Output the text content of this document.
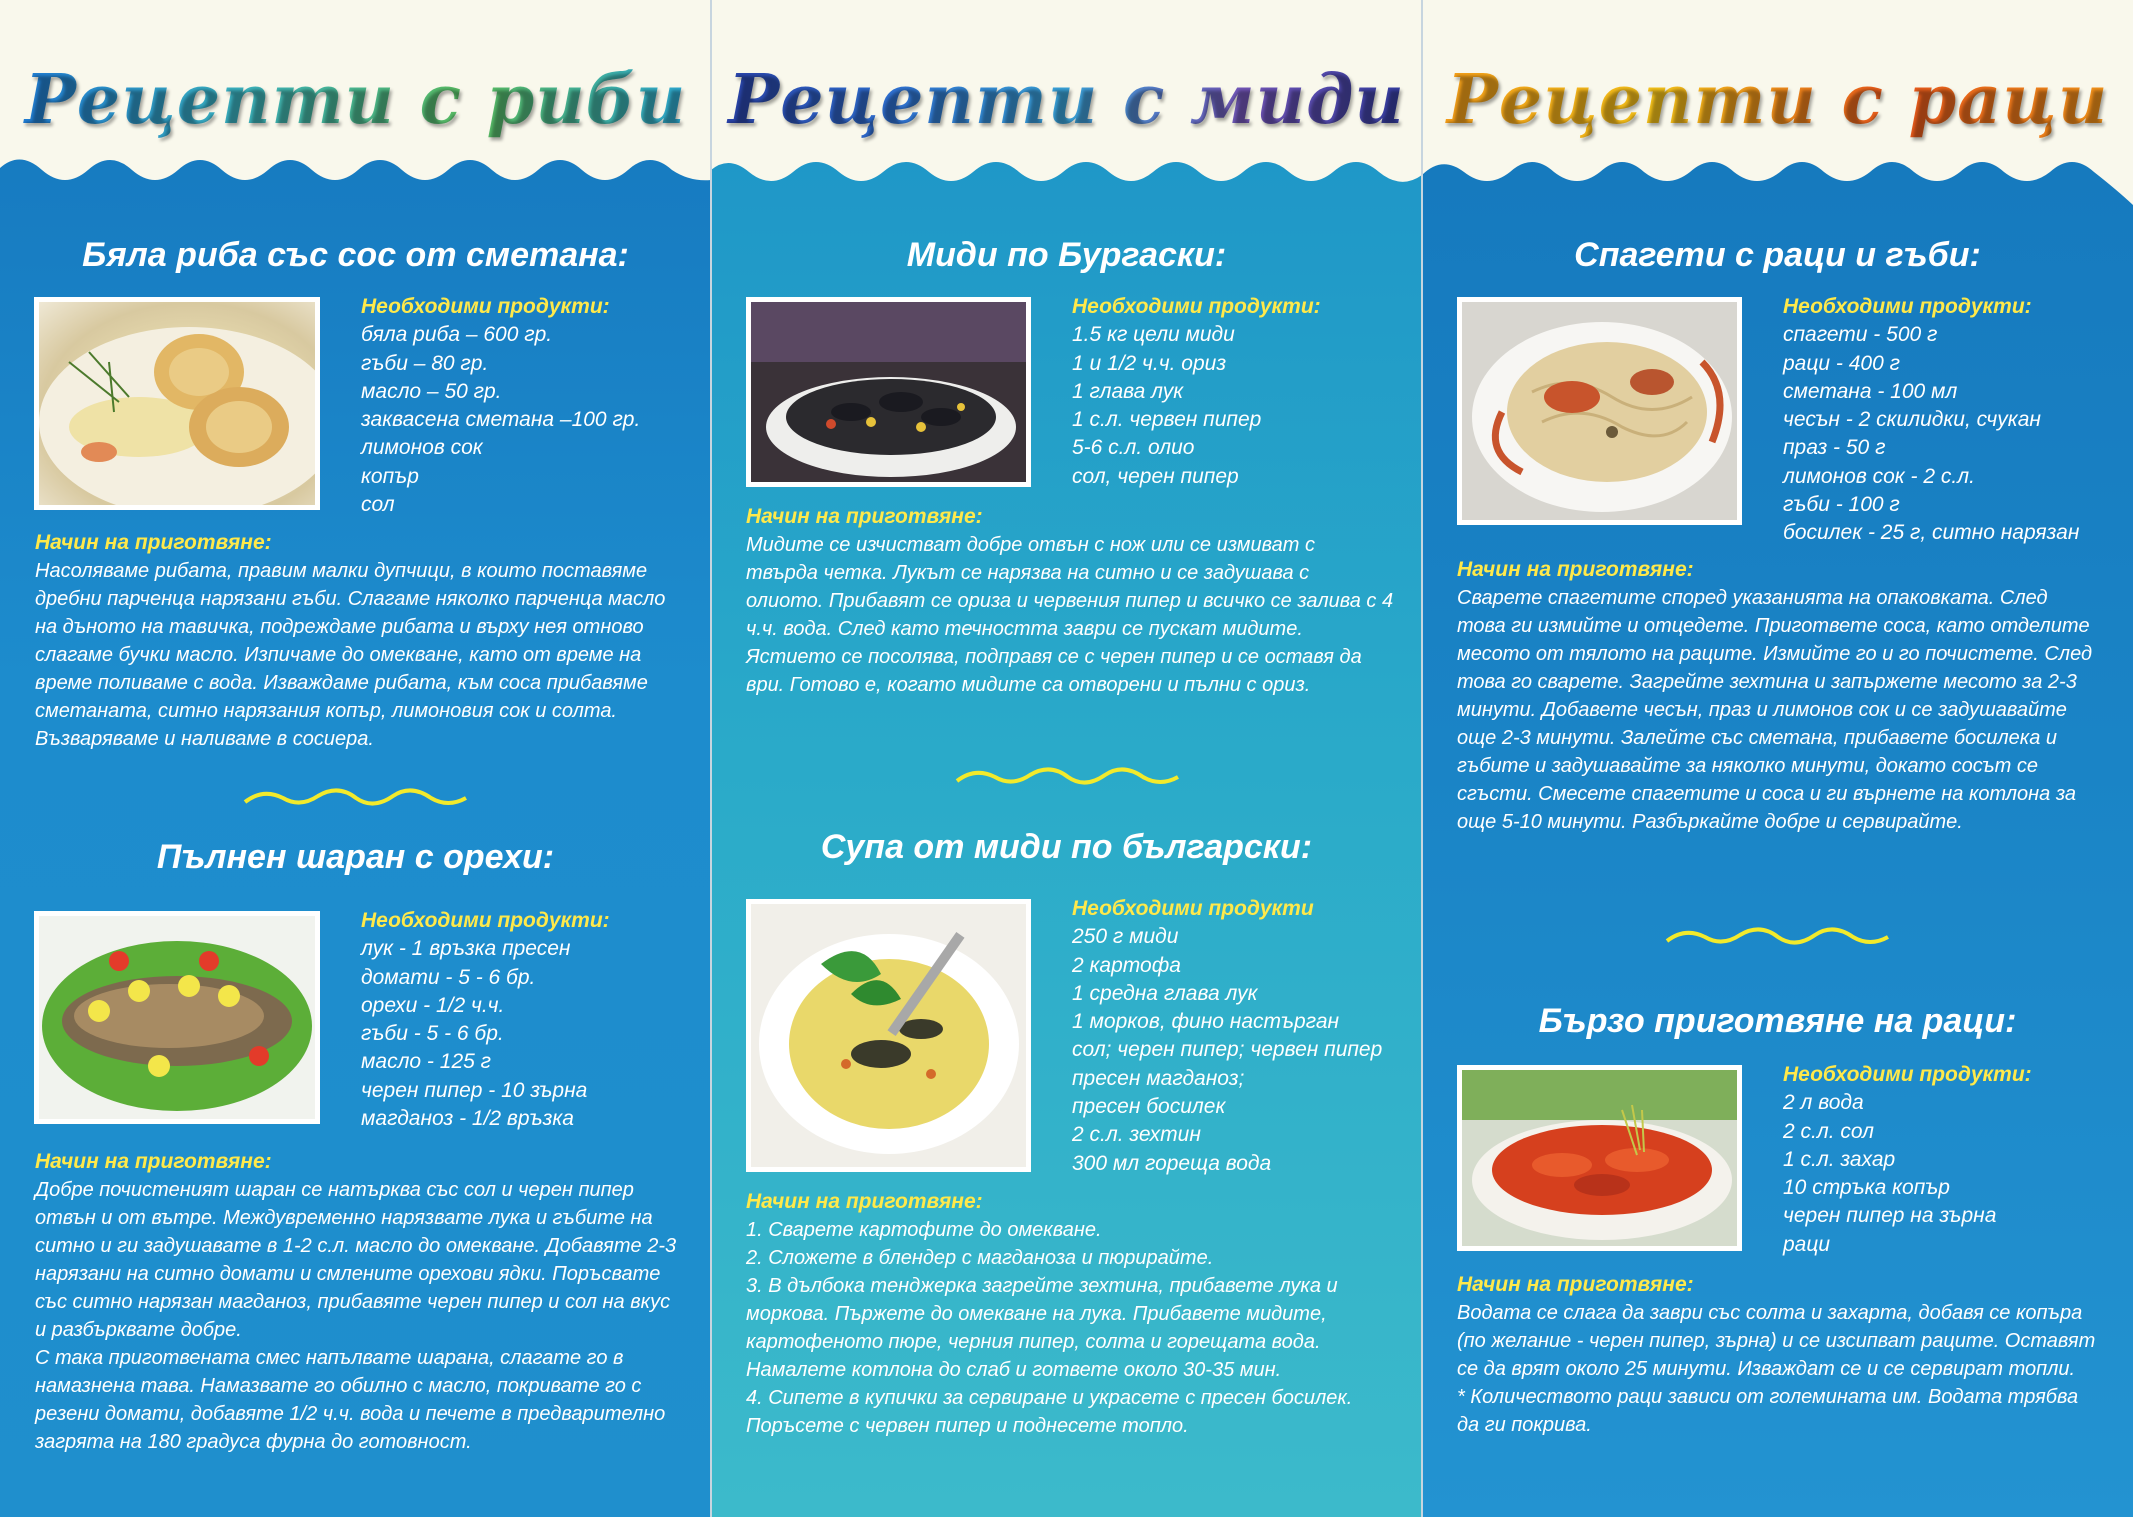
Рецепти с риби
Бяла риба със сос от сметана:
Необходими продукти:
бяла риба – 600 гр.
гъби – 80 гр.
масло – 50 гр.
заквасена сметана –100 гр.
лимонов сок
копър
сол
Начин на приготвяне:
Насоляваме рибата, правим малки дупчици, в които поставяме
дребни парченца нарязани гъби. Слагаме няколко парченца масло
на дъното на тавичка, подреждаме рибата и върху нея отново
слагаме бучки масло. Изпичаме до омекване, като от време на
време поливаме с вода. Изваждаме рибата, към соса прибавяме
сметаната, ситно нарязания копър, лимоновия сок и солта.
Възваряваме и наливаме в сосиера.
Пълнен шаран с орехи:
Необходими продукти:
лук - 1 връзка пресен
домати - 5 - 6 бр.
орехи - 1/2 ч.ч.
гъби - 5 - 6 бр.
масло - 125 г
черен пипер - 10 зърна
магданоз - 1/2 връзка
Начин на приготвяне:
Добре почистеният шаран се натърква със сол и черен пипер
отвън и от вътре. Междувременно нарязвате лука и гъбите на
ситно и ги задушавате в 1-2 с.л. масло до омекване. Добавяте 2-3
нарязани на ситно домати и смлените орехови ядки. Поръсвате
със ситно нарязан магданоз, прибавяте черен пипер и сол на вкус
и разбърквате добре.
С така приготвената смес напълвате шарана, слагате го в
намазнена тава. Намазвате го обилно с масло, покривате го с
резени домати, добавяте 1/2 ч.ч. вода и печете в предварително
загрята на 180 градуса фурна до готовност.
Рецепти с миди
Миди по Бургаски:
Необходими продукти:
1.5 кг цели миди
1 и 1/2 ч.ч. ориз
1 глава лук
1 с.л. червен пипер
5-6 с.л. олио
сол, черен пипер
Начин на приготвяне:
Мидите се изчистват добре отвън с нож или се измиват с
твърда четка. Лукът се нарязва на ситно и се задушава с
олиото. Прибавят се ориза и червения пипер и всичко се залива с 4
ч.ч. вода. След като течността заври се пускат мидите.
Ястието се посолява, подправя се с черен пипер и се оставя да
ври. Готово е, когато мидите са отворени и пълни с ориз.
Супа от миди по български:
Необходими продукти
250 г миди
2 картофа
1 средна глава лук
1 морков, фино настърган
сол; черен пипер; червен пипер
пресен магданоз;
пресен босилек
2 с.л. зехтин
300 мл гореща вода
Начин на приготвяне:
1. Сварете картофите до омекване.
2. Сложете в блендер с магданоза и пюрирайте.
3. В дълбока тенджерка загрейте зехтина, прибавете лука и
моркова. Пържете до омекване на лука. Прибавете мидите,
картофеното пюре, черния пипер, солта и горещата вода.
Намалете котлона до слаб и гответе около 30-35 мин.
4. Сипете в купички за сервиране и украсете с пресен босилек.
Поръсете с червен пипер и поднесете топло.
Рецепти с раци
Спагети с раци и гъби:
Необходими продукти:
спагети - 500 г
раци - 400 г
сметана - 100 мл
чесън - 2 скилидки, счукан
праз - 50 г
лимонов сок - 2 с.л.
гъби - 100 г
босилек - 25 г, ситно нарязан
Начин на приготвяне:
Сварете спагетите според указанията на опаковката. След
това ги измийте и отцедете. Пригответе соса, като отделите
месото от тялото на раците. Измийте го и го почистете. След
това го сварете. Загрейте зехтина и запържете месото за 2-3
минути. Добавете чесън, праз и лимонов сок и се задушавайте
още 2-3 минути. Залейте със сметана, прибавете босилека и
гъбите и задушавайте за няколко минути, докато сосът се
сгъсти. Смесете спагетите и соса и ги върнете на котлона за
още 5-10 минути. Разбъркайте добре и сервирайте.
Бързо приготвяне на раци:
Необходими продукти:
2 л вода
2 с.л. сол
1 с.л. захар
10 стръка копър
черен пипер на зърна
раци
Начин на приготвяне:
Водата се слага да заври със солта и захарта, добавя се копъра
(по желание - черен пипер, зърна) и се изсипват раците. Оставят
се да врят около 25 минути. Изваждат се и се сервират топли.
* Количеството раци зависи от големината им. Водата трябва
да ги покрива.
